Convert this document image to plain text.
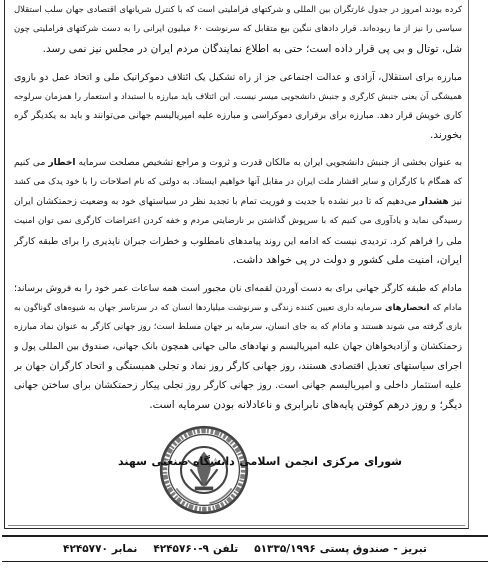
کرده بودند امروز در جدول غارتگران بین المللی و شرکتهای فراملیتی است که با کنترل شریانهای اقتصادی جهان سلب استقلال
سیاسی را نیز از ما ربوده‌اند. قرار دادهای ننگین بیع متقابل که سرنوشت ۶۰ میلیون ایرانی را به دست شرکتهای فراملیتی چون
شل، توتال و بی پی قرار داده است؛ حتی به اطلاع نمایندگان مردم ایران در مجلس نیز نمی رسد.
مبارزه برای استقلال، آزادی و عدالت اجتماعی جز از راه تشکیل یک ائتلاف دموکراتیک ملی و اتحاد عمل دو بازوی
همیشگی آن یعنی جنبش کارگری و جنبش دانشجویی میسر نیست. این ائتلاف باید مبارزه با استبداد و استعمار را همزمان سرلوحه
کاری خویش قرار دهد. مبارزه برای برقراری دموکراسی و مبارزه علیه امپریالیسم جهانی می‌توانند و باید به یکدیگر گره
بخورند.
به عنوان بخشی از جنبش دانشجویی ایران به مالکان قدرت و ثروت و مراجع تشخیص مصلحت سرمایه اخطار می کنیم
که همگام با کارگران و سایر اقشار ملت ایران در مقابل آنها خواهیم ایستاد. به دولتی که نام اصلاحات را با خود یدک می کشد
نیز هشدار می‌دهیم که تا دیر نشده با جدیت و فوریت تمام با تجدید نظر در سیاستهای خود به وضعیت زحمتکشان ایران
رسیدگی نماید و یادآوری می کنیم که با سرپوش گذاشتن بر نارضایتی مردم و خفه کردن اعتراضات کارگری نمی توان امنیت
ملی را فراهم کرد. تردیدی نیست که ادامه این روند پیامدهای نامطلوب و خطرات جبران ناپذیری را برای طبقه کارگر
ایران، امنیت ملی کشور و دولت در پی خواهد داشت.
مادام که طبقه کارگر جهانی برای به دست آوردن لقمه‌ای نان مجبور است همه ساعات عمر خود را به فروش برساند؛
مادام که انحصارهای سرمایه داری تعیین کننده زندگی و سرنوشت میلیاردها انسان که در سرتاسر جهان به شیوه‌های گوناگون به
بازی گرفته می شوند هستند و مادام که به جای انسان، سرمایه بر جهان مسلط است؛ روز جهانی کارگر به عنوان نماد مبارزه
زحمتکشان و آزادیخواهان جهان علیه امپریالیسم و نهادهای مالی جهانی همچون بانک جهانی، صندوق بین المللی پول و
اجرای سیاستهای تعدیل اقتصادی هستند، روز جهانی کارگر روز نماد و تجلی همبستگی و اتحاد کارگران جهان بر
علیه استثمار داخلی و امپریالیسم جهانی است. روز جهانی کارگر روز تجلی پیکار زحمتکشان برای ساختن جهانی
دیگر؛ و روز درهم کوفتن پایه‌های نابرابری و ناعادلانه بودن سرمایه است.
شورای مرکزی انجمن اسلامی دانشگاه صنعتی سهند
تبریز
-
صندوق پستی
۵۱۳۳۵/۱۹۹۶
تلفن
۴۲۴۵۷۶۰-۹
نمابر
۴۲۴۵۷۷۰
